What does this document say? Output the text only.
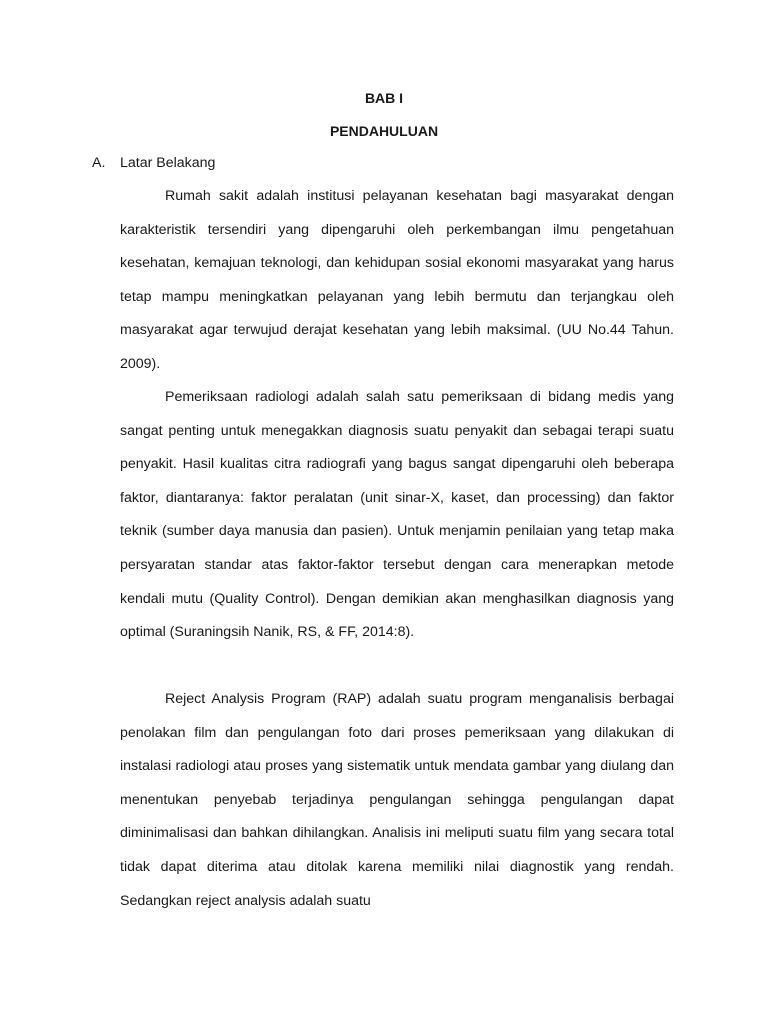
BAB I
PENDAHULUAN
A. Latar Belakang

Rumah sakit adalah institusi pelayanan kesehatan bagi masyarakat dengan karakteristik tersendiri yang dipengaruhi oleh perkembangan ilmu pengetahuan kesehatan, kemajuan teknologi, dan kehidupan sosial ekonomi masyarakat yang harus tetap mampu meningkatkan pelayanan yang lebih bermutu dan terjangkau oleh masyarakat agar terwujud derajat kesehatan yang lebih maksimal. (UU No.44 Tahun. 2009).

Pemeriksaan radiologi adalah salah satu pemeriksaan di bidang medis yang sangat penting untuk menegakkan diagnosis suatu penyakit dan sebagai terapi suatu penyakit. Hasil kualitas citra radiografi yang bagus sangat dipengaruhi oleh beberapa faktor, diantaranya: faktor peralatan (unit sinar-X, kaset, dan processing) dan faktor teknik (sumber daya manusia dan pasien). Untuk menjamin penilaian yang tetap maka persyaratan standar atas faktor-faktor tersebut dengan cara menerapkan metode kendali mutu (Quality Control). Dengan demikian akan menghasilkan diagnosis yang optimal (Suraningsih Nanik, RS, & FF, 2014:8).

Reject Analysis Program (RAP) adalah suatu program menganalisis berbagai penolakan film dan pengulangan foto dari proses pemeriksaan yang dilakukan di instalasi radiologi atau proses yang sistematik untuk mendata gambar yang diulang dan menentukan penyebab terjadinya pengulangan sehingga pengulangan dapat diminimalisasi dan bahkan dihilangkan. Analisis ini meliputi suatu film yang secara total tidak dapat diterima atau ditolak karena memiliki nilai diagnostik yang rendah. Sedangkan reject analysis adalah suatu
